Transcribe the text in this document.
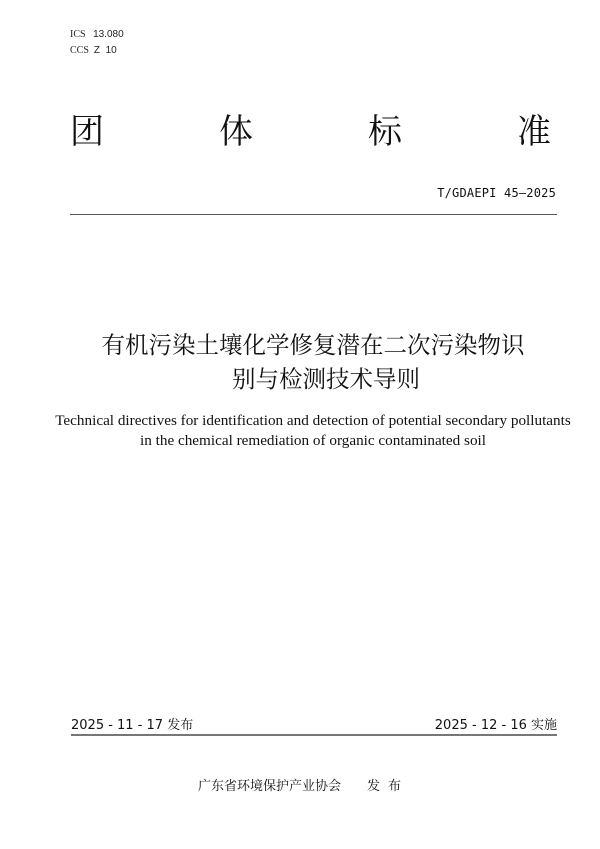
ICS 13.080
CCS Z  10
团	体	标	准
T/GDAEPI 45—2025
有机污染土壤化学修复潜在二次污染物识
别与检测技术导则
Technical directives for identification and detection of potential secondary pollutants
in the chemical remediation of organic contaminated soil
2025 - 11 - 17 发布	2025 - 12 - 16 实施
广东省环境保护产业协会 发布
